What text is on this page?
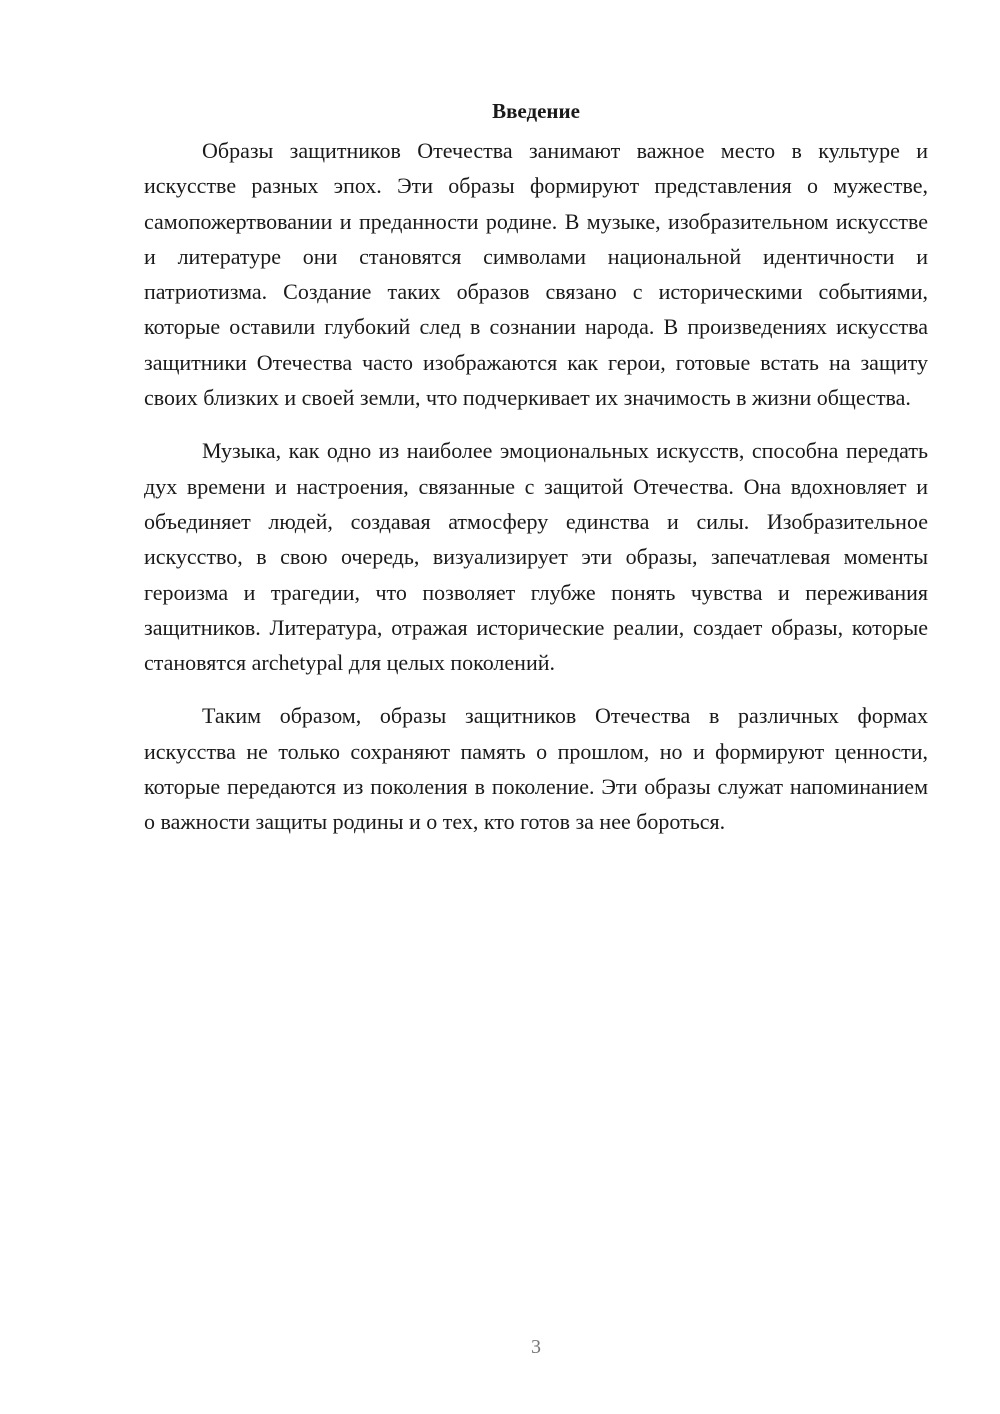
Введение

Образы защитников Отечества занимают важное место в культуре и искусстве разных эпох. Эти образы формируют представления о мужестве, самопожертвовании и преданности родине. В музыке, изобразительном искусстве и литературе они становятся символами национальной идентичности и патриотизма. Создание таких образов связано с историческими событиями, которые оставили глубокий след в сознании народа. В произведениях искусства защитники Отечества часто изображаются как герои, готовые встать на защиту своих близких и своей земли, что подчеркивает их значимость в жизни общества.

Музыка, как одно из наиболее эмоциональных искусств, способна передать дух времени и настроения, связанные с защитой Отечества. Она вдохновляет и объединяет людей, создавая атмосферу единства и силы. Изобразительное искусство, в свою очередь, визуализирует эти образы, запечатлевая моменты героизма и трагедии, что позволяет глубже понять чувства и переживания защитников. Литература, отражая исторические реалии, создает образы, которые становятся archetypal для целых поколений.

Таким образом, образы защитников Отечества в различных формах искусства не только сохраняют память о прошлом, но и формируют ценности, которые передаются из поколения в поколение. Эти образы служат напоминанием о важности защиты родины и о тех, кто готов за нее бороться.

3
